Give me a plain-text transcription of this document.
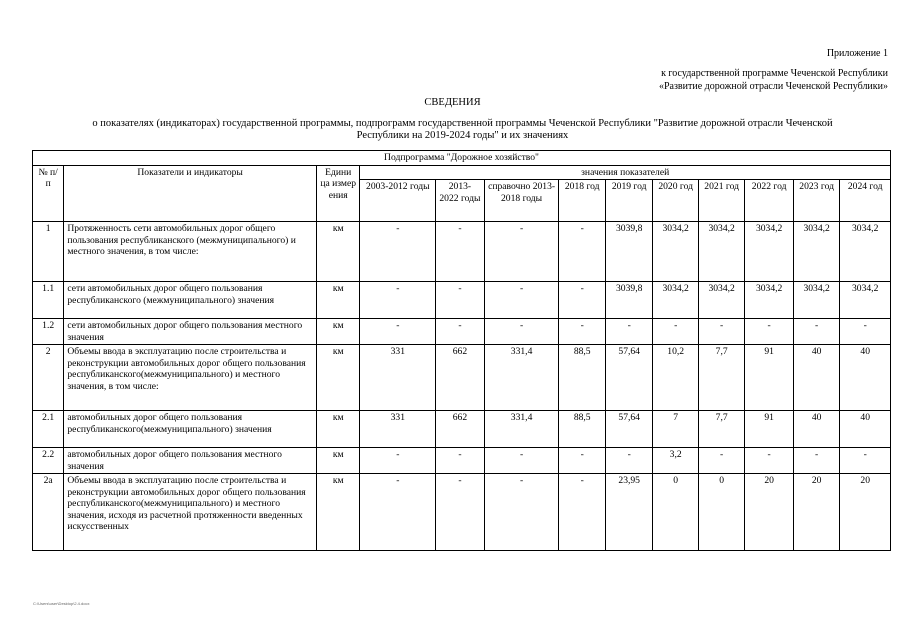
Приложение 1
к государственной программе Чеченской Республики
«Развитие дорожной отрасли Чеченской Республики»
СВЕДЕНИЯ
о показателях (индикаторах) государственной программы, подпрограмм государственной программы Чеченской Республики "Развитие дорожной отрасли Чеченской
Республики на 2019-2024 годы" и их значениях
Подпрограмма "Дорожное хозяйство"												
№ п/п	Показатели и индикаторы	Едини ца измер ения	значения показателей									
			2003-2012 годы	2013-2022 годы	справочно 2013-2018 годы	2018 год	2019 год	2020 год	2021 год	2022 год	2023 год	2024 год
1	Протяженность сети автомобильных дорог общего пользования республиканского (межмуниципального) и местного значения, в том числе:	км	-	-	-	-	3039,8	3034,2	3034,2	3034,2	3034,2	3034,2
1.1	сети автомобильных дорог общего пользования республиканского (межмуниципального) значения	км	-	-	-	-	3039,8	3034,2	3034,2	3034,2	3034,2	3034,2
1.2	сети автомобильных дорог общего пользования местного значения	км	-	-	-	-	-	-	-	-	-	-
2	Объемы ввода в эксплуатацию после строительства и реконструкции автомобильных дорог общего пользования республиканского(межмуниципального) и местного значения, в том числе:	км	331	662	331,4	88,5	57,64	10,2	7,7	91	40	40
2.1	автомобильных дорог общего пользования республиканского(межмуниципального) значения	км	331	662	331,4	88,5	57,64	7	7,7	91	40	40
2.2	автомобильных дорог общего пользования местного значения	км	-	-	-	-	-	3,2	-	-	-	-
2а	Объемы ввода в эксплуатацию после строительства и реконструкции автомобильных дорог общего пользования республиканского(межмуниципального) и местного значения, исходя из расчетной протяженности введенных искусственных	км	-	-	-	-	23,95	0	0	20	20	20
C:\Users\user\Desktop\2.4.docx
